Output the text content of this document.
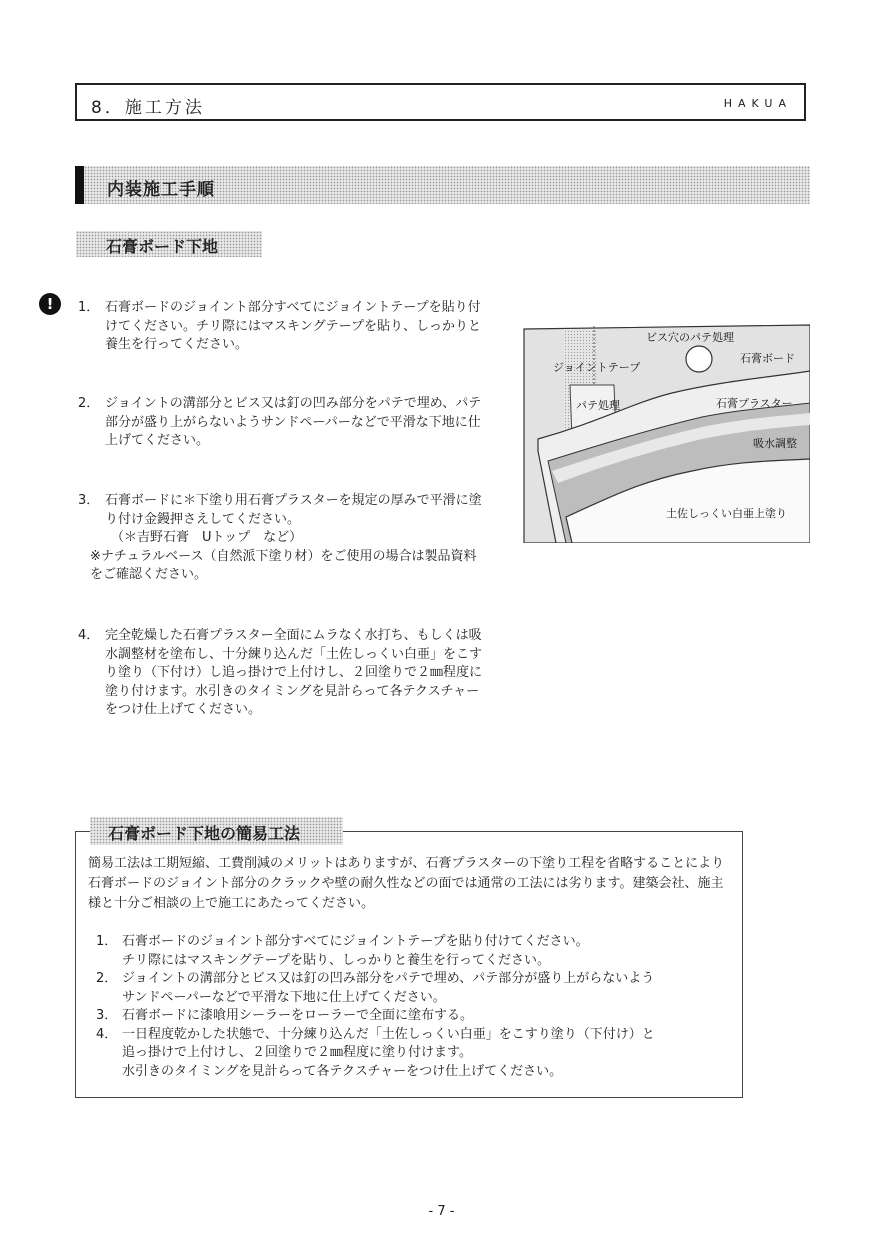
8．施工方法	HAKUA
内装施工手順
石膏ボード下地
!	1． 石膏ボードのジョイント部分すべてにジョイントテープを貼り付けてください。チリ際にはマスキングテープを貼り、しっかりと養生を行ってください。
2． ジョイントの溝部分とビス又は釘の凹み部分をパテで埋め、パテ部分が盛り上がらないようサンドペーパーなどで平滑な下地に仕上げてください。
3． 石膏ボードに＊下塗り用石膏プラスターを規定の厚みで平滑に塗り付け金鏝押さえしてください。
（＊吉野石膏　Uトップ　など）
※ナチュラルベース（自然派下塗り材）をご使用の場合は製品資料をご確認ください。
4． 完全乾燥した石膏プラスター全面にムラなく水打ち、もしくは吸水調整材を塗布し、十分練り込んだ「土佐しっくい白亜」をこすり塗り（下付け）し追っ掛けで上付けし、２回塗りで２㎜程度に塗り付けます。水引きのタイミングを見計らって各テクスチャーをつけ仕上げてください。
ビス穴のパテ処理
石膏ボード
ジョイントテープ
パテ処理	石膏プラスター
吸水調整
土佐しっくい白亜上塗り
簡易工法は工期短縮、工費削減のメリットはありますが、石膏プラスターの下塗り工程を省略することにより石膏ボードのジョイント部分のクラックや壁の耐久性などの面では通常の工法には劣ります。建築会社、施主様と十分ご相談の上で施工にあたってください。
1． 石膏ボードのジョイント部分すべてにジョイントテープを貼り付けてください。
チリ際にはマスキングテープを貼り、しっかりと養生を行ってください。
2． ジョイントの溝部分とビス又は釘の凹み部分をパテで埋め、パテ部分が盛り上がらないよう
サンドペーパーなどで平滑な下地に仕上げてください。
3． 石膏ボードに漆喰用シーラーをローラーで全面に塗布する。
4． 一日程度乾かした状態で、十分練り込んだ「土佐しっくい白亜」をこすり塗り（下付け）と
追っ掛けで上付けし、２回塗りで２㎜程度に塗り付けます。
水引きのタイミングを見計らって各テクスチャーをつけ仕上げてください。
石膏ボード下地の簡易工法
- 7 -
